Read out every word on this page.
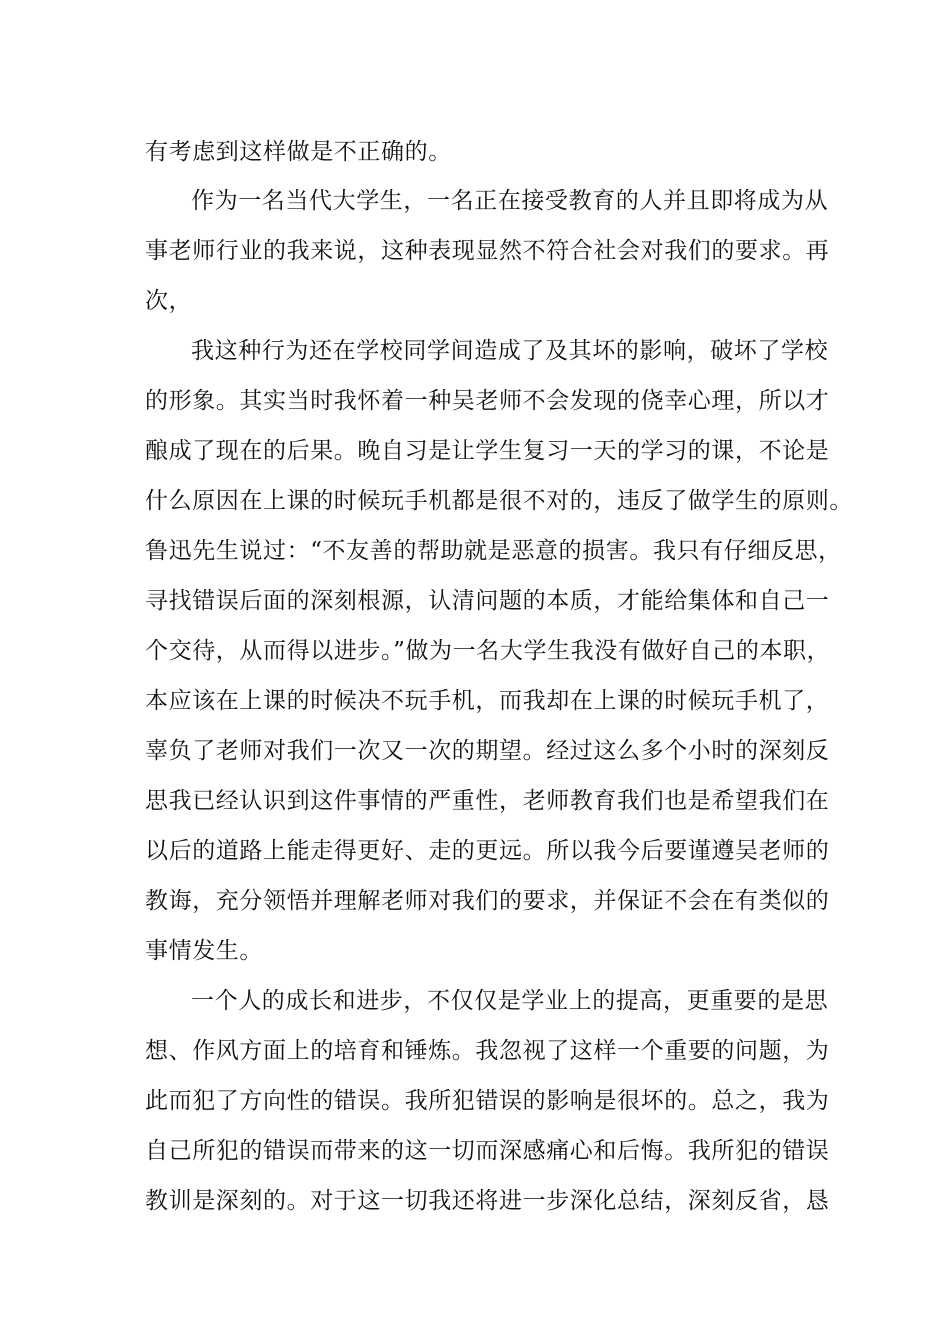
有考虑到这样做是不正确的。
作为一名当代大学生，一名正在接受教育的人并且即将成为从
事老师行业的我来说，这种表现显然不符合社会对我们的要求。再
次，
我这种行为还在学校同学间造成了及其坏的影响，破坏了学校
的形象。其实当时我怀着一种吴老师不会发现的侥幸心理，所以才
酿成了现在的后果。晚自习是让学生复习一天的学习的课，不论是
什么原因在上课的时候玩手机都是很不对的，违反了做学生的原则。
鲁迅先生说过：“不友善的帮助就是恶意的损害。我只有仔细反思，
寻找错误后面的深刻根源，认清问题的本质，才能给集体和自己一
个交待，从而得以进步。”做为一名大学生我没有做好自己的本职，
本应该在上课的时候决不玩手机，而我却在上课的时候玩手机了，
辜负了老师对我们一次又一次的期望。经过这么多个小时的深刻反
思我已经认识到这件事情的严重性，老师教育我们也是希望我们在
以后的道路上能走得更好、走的更远。所以我今后要谨遵吴老师的
教诲，充分领悟并理解老师对我们的要求，并保证不会在有类似的
事情发生。
一个人的成长和进步，不仅仅是学业上的提高，更重要的是思
想、作风方面上的培育和锤炼。我忽视了这样一个重要的问题，为
此而犯了方向性的错误。我所犯错误的影响是很坏的。总之，我为
自己所犯的错误而带来的这一切而深感痛心和后悔。我所犯的错误
教训是深刻的。对于这一切我还将进一步深化总结，深刻反省，恳
